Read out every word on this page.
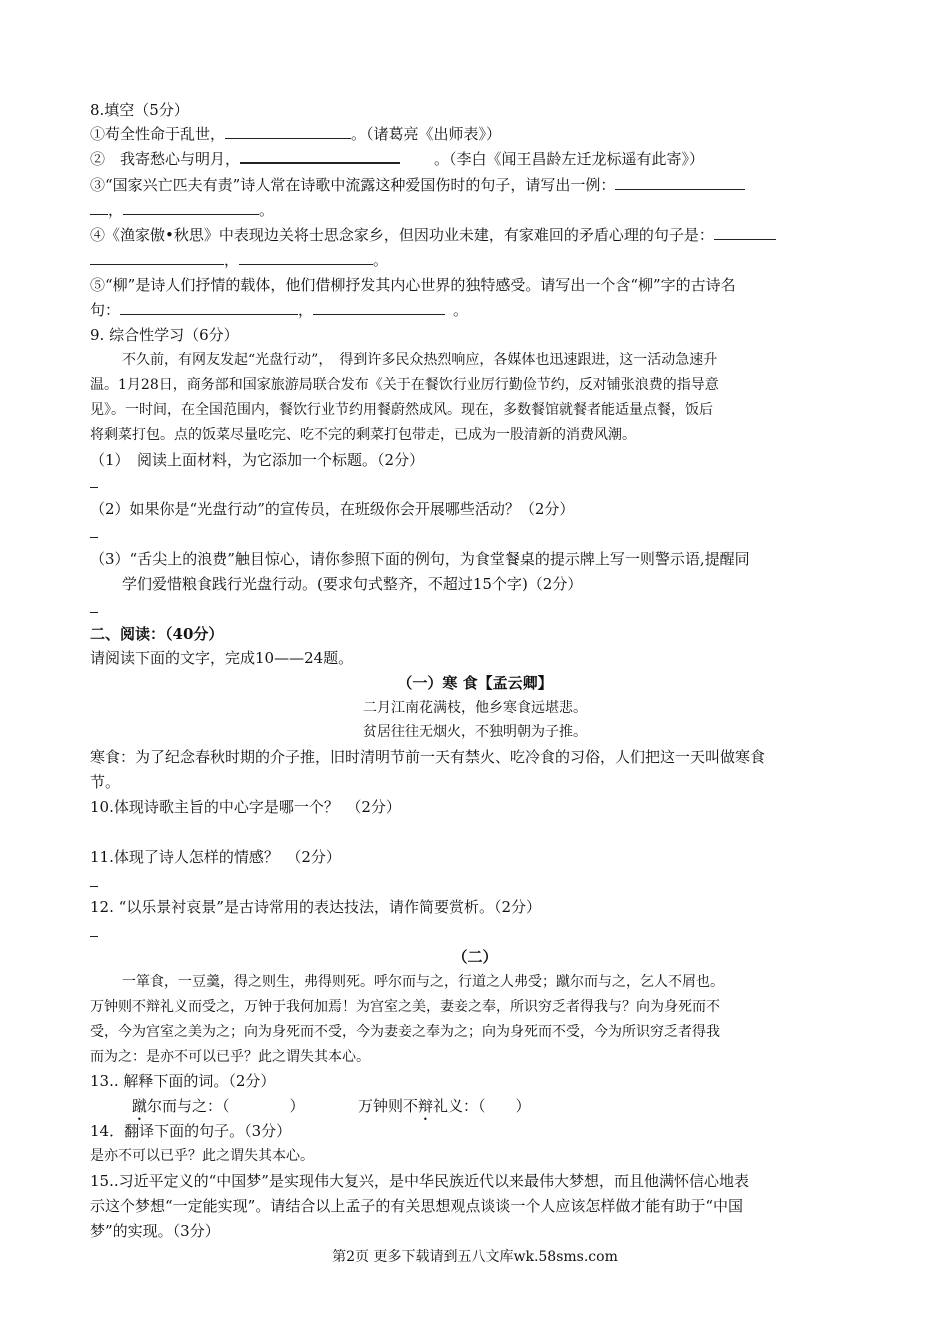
8.填空（5分）
①苟全性命于乱世，	。（诸葛亮《出师表》）
②　我寄愁心与明月，	。（李白《闻王昌龄左迁龙标遥有此寄》）
③“国家兴亡匹夫有责”诗人常在诗歌中流露这种爱国伤时的句子，请写出一例：
，	。
④《渔家傲•秋思》中表现边关将士思念家乡，但因功业未建，有家难回的矛盾心理的句子是：
，	。
⑤“柳”是诗人们抒情的载体，他们借柳抒发其内心世界的独特感受。请写出一个含“柳”字的古诗名
句：	，	。
9. 综合性学习（6分）
不久前，有网友发起“光盘行动”，　得到许多民众热烈响应，各媒体也迅速跟进，这一活动急速升
温。1月28日，商务部和国家旅游局联合发布《关于在餐饮行业厉行勤俭节约，反对铺张浪费的指导意
见》。一时间，在全国范围内，餐饮行业节约用餐蔚然成风。现在，多数餐馆就餐者能适量点餐，饭后
将剩菜打包。点的饭菜尽量吃完、吃不完的剩菜打包带走，已成为一股清新的消费风潮。
（1）　阅读上面材料，为它添加一个标题。（2分）
（2）如果你是“光盘行动”的宣传员，在班级你会开展哪些活动？（2分）
（3）“舌尖上的浪费”触目惊心，请你参照下面的例句，为食堂餐桌的提示牌上写一则警示语,提醒同
学们爱惜粮食践行光盘行动。(要求句式整齐，不超过15个字)（2分）
二、阅读：（40分）
请阅读下面的文字，完成10——24题。
（一）寒 食【孟云卿】
二月江南花满枝，他乡寒食远堪悲。
贫居往往无烟火，不独明朝为子推。
寒食：为了纪念春秋时期的介子推，旧时清明节前一天有禁火、吃冷食的习俗，人们把这一天叫做寒食
节。
10.体现诗歌主旨的中心字是哪一个？　（2分）
11.体现了诗人怎样的情感？　（2分）
12. “以乐景衬哀景”是古诗常用的表达技法，请作简要赏析。（2分）
（二）
一箪食，一豆羹，得之则生，弗得则死。呼尔而与之，行道之人弗受；蹴尔而与之，乞人不屑也。
万钟则不辩礼义而受之，万钟于我何加焉！为宫室之美，妻妾之奉，所识穷乏者得我与？向为身死而不
受，今为宫室之美为之；向为身死而不受，今为妻妾之奉为之；向为身死而不受，今为所识穷乏者得我
而为之：是亦不可以已乎？此之谓失其本心。
13.. 解释下面的词。（2分）
蹴尔而与之：（　　　　）	万钟则不辩礼义：（　　）
14．翻译下面的句子。（3分）
是亦不可以已乎？此之谓失其本心。
15..习近平定义的“中国梦”是实现伟大复兴，是中华民族近代以来最伟大梦想，而且他满怀信心地表
示这个梦想“一定能实现”。请结合以上孟子的有关思想观点谈谈一个人应该怎样做才能有助于“中国
梦”的实现。（3分）
第2页 更多下载请到五八文库wk.58sms.com
